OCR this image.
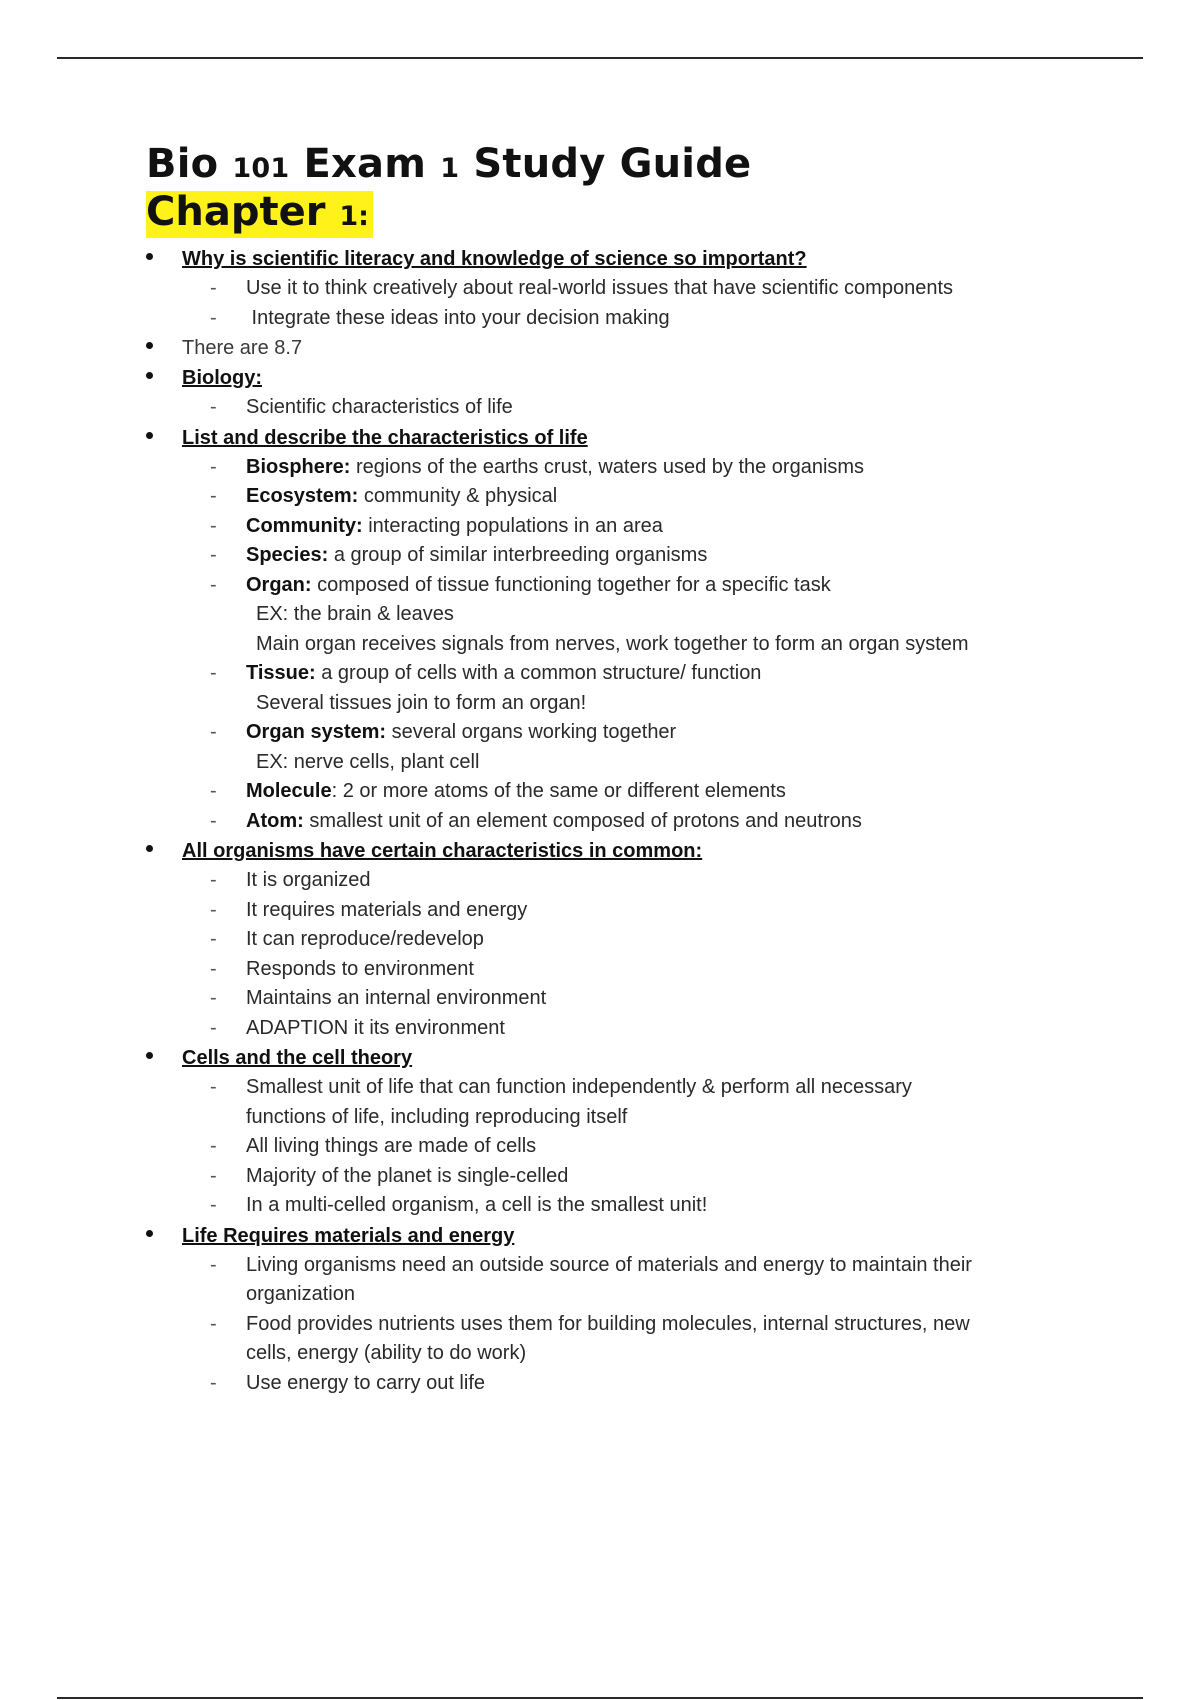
Bio 101 Exam 1 Study Guide
Chapter 1:
Why is scientific literacy and knowledge of science so important?
- Use it to think creatively about real-world issues that have scientific components
- Integrate these ideas into your decision making
There are 8.7
Biology:
- Scientific characteristics of life
List and describe the characteristics of life
- Biosphere: regions of the earths crust, waters used by the organisms
- Ecosystem: community & physical
- Community: interacting populations in an area
- Species: a group of similar interbreeding organisms
- Organ: composed of tissue functioning together for a specific task
EX: the brain & leaves
Main organ receives signals from nerves, work together to form an organ system
- Tissue: a group of cells with a common structure/ function
Several tissues join to form an organ!
- Organ system: several organs working together
EX: nerve cells, plant cell
- Molecule: 2 or more atoms of the same or different elements
- Atom: smallest unit of an element composed of protons and neutrons
All organisms have certain characteristics in common:
- It is organized
- It requires materials and energy
- It can reproduce/redevelop
- Responds to environment
- Maintains an internal environment
- ADAPTION it its environment
Cells and the cell theory
- Smallest unit of life that can function independently & perform all necessary
functions of life, including reproducing itself
- All living things are made of cells
- Majority of the planet is single-celled
- In a multi-celled organism, a cell is the smallest unit!
Life Requires materials and energy
- Living organisms need an outside source of materials and energy to maintain their
organization
- Food provides nutrients uses them for building molecules, internal structures, new
cells, energy (ability to do work)
- Use energy to carry out life
